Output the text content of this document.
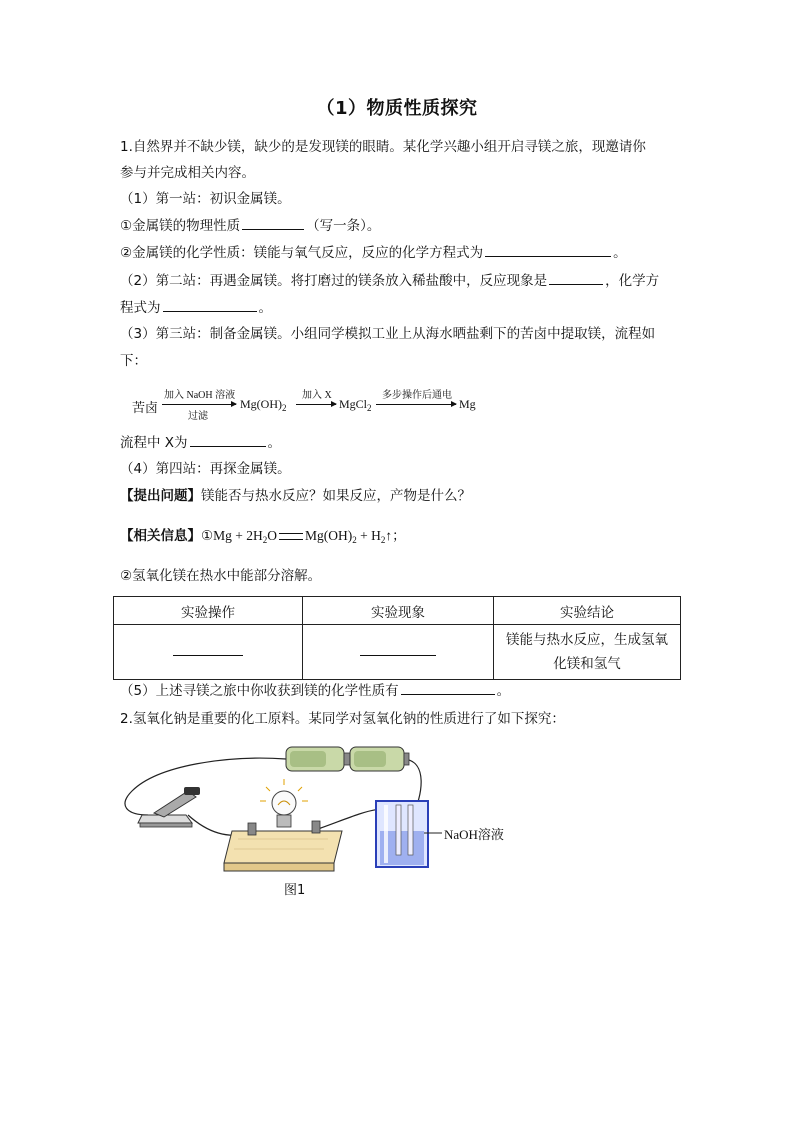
（1）物质性质探究
1.自然界并不缺少镁，缺少的是发现镁的眼睛。某化学兴趣小组开启寻镁之旅，现邀请你
参与并完成相关内容。
（1）第一站：初识金属镁。
①金属镁的物理性质	（写一条）。
②金属镁的化学性质：镁能与氧气反应，反应的化学方程式为	。
（2）第二站：再遇金属镁。将打磨过的镁条放入稀盐酸中，反应现象是	，化学方
程式为	。
（3）第三站：制备金属镁。小组同学模拟工业上从海水晒盐剩下的苦卤中提取镁，流程如
下：
苦卤
加入 NaOH 溶液
过滤
$Mg(OH)_2$
加入 X
MgCl$_2$
多步操作后通电
Mg
流程中 X为	。
（4）第四站：再探金属镁。
【提出问题】镁能否与热水反应？如果反应，产物是什么？
【相关信息】①Mg + $2H_2O$ $Mg(OH)_2$ + $H_2↑$；
②氢氧化镁在热水中能部分溶解。
实验操作	实验现象	实验结论

		镁能与热水反应，生成氢氧
化镁和氢气
（5）上述寻镁之旅中你收获到镁的化学性质有	。
2.氢氧化钠是重要的化工原料。某同学对氢氧化钠的性质进行了如下探究：
NaOH溶液
图1
